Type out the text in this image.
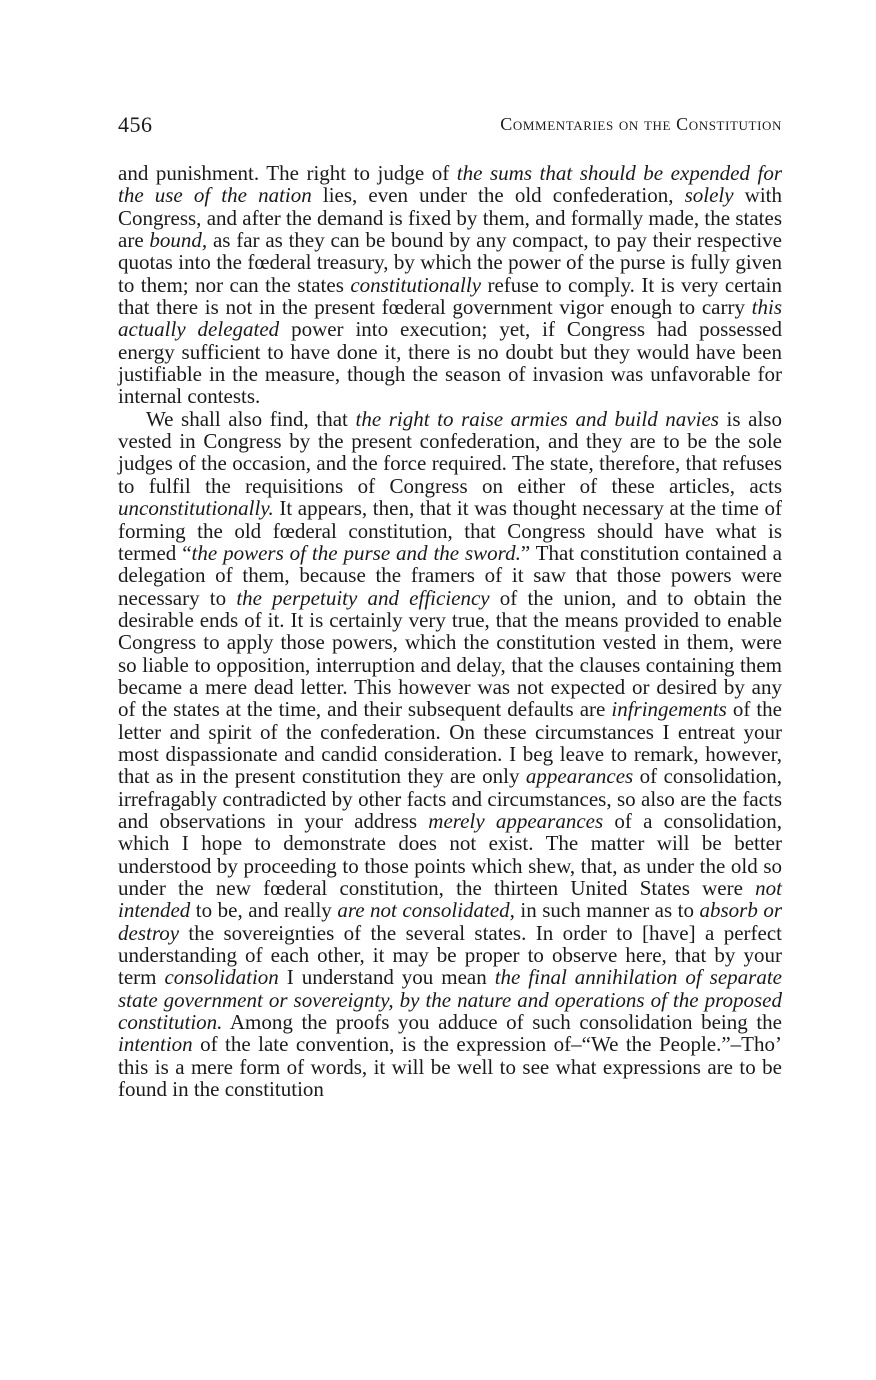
456	Commentaries on the Constitution

and punishment. The right to judge of the sums that should be expended for the use of the nation lies, even under the old confederation, solely with Congress, and after the demand is fixed by them, and formally made, the states are bound, as far as they can be bound by any compact, to pay their respective quotas into the fœderal treasury, by which the power of the purse is fully given to them; nor can the states constitutionally refuse to comply. It is very certain that there is not in the present fœderal government vigor enough to carry this actually delegated power into execution; yet, if Congress had possessed energy sufficient to have done it, there is no doubt but they would have been justifiable in the measure, though the season of invasion was unfavorable for internal contests.

We shall also find, that the right to raise armies and build navies is also vested in Congress by the present confederation, and they are to be the sole judges of the occasion, and the force required. The state, therefore, that refuses to fulfil the requisitions of Congress on either of these articles, acts unconstitutionally. It appears, then, that it was thought necessary at the time of forming the old fœderal constitution, that Congress should have what is termed “the powers of the purse and the sword.” That constitution contained a delegation of them, because the framers of it saw that those powers were necessary to the perpetuity and efficiency of the union, and to obtain the desirable ends of it. It is certainly very true, that the means provided to enable Congress to apply those powers, which the constitution vested in them, were so liable to opposition, interruption and delay, that the clauses containing them became a mere dead letter. This however was not expected or desired by any of the states at the time, and their subsequent defaults are infringements of the letter and spirit of the confederation. On these circumstances I entreat your most dispassionate and candid consideration. I beg leave to remark, however, that as in the present constitution they are only appearances of consolidation, irrefragably contradicted by other facts and circumstances, so also are the facts and observations in your address merely appearances of a consolidation, which I hope to demonstrate does not exist. The matter will be better understood by proceeding to those points which shew, that, as under the old so under the new fœderal constitution, the thirteen United States were not intended to be, and really are not consolidated, in such manner as to absorb or destroy the sovereignties of the several states. In order to [have] a perfect understanding of each other, it may be proper to observe here, that by your term consolidation I understand you mean the final annihilation of separate state government or sovereignty, by the nature and operations of the proposed constitution. Among the proofs you adduce of such consolidation being the intention of the late convention, is the expression of–“We the People.”–Tho’ this is a mere form of words, it will be well to see what expressions are to be found in the constitution
